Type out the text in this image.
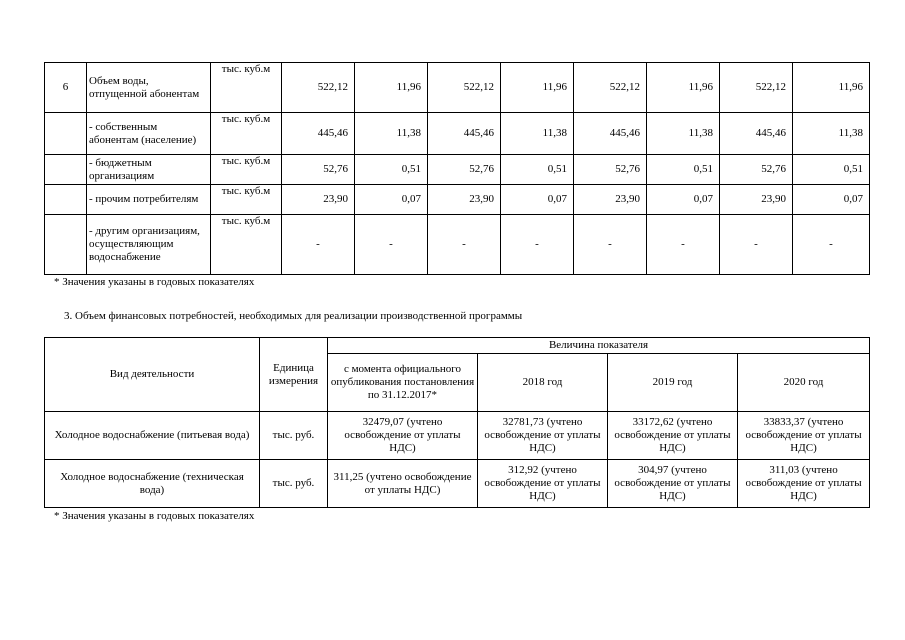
6	Объем воды, отпущенной абонентам	тыс. куб.м	522,12	11,96	522,12	11,96	522,12	11,96	522,12	11,96
	- собственным абонентам (население)	тыс. куб.м	445,46	11,38	445,46	11,38	445,46	11,38	445,46	11,38
	- бюджетным организациям	тыс. куб.м	52,76	0,51	52,76	0,51	52,76	0,51	52,76	0,51
	- прочим потребителям	тыс. куб.м	23,90	0,07	23,90	0,07	23,90	0,07	23,90	0,07
	- другим организациям, осуществляющим водоснабжение	тыс. куб.м	-	-	-	-	-	-	-	-
* Значения указаны в годовых показателях
3. Объем финансовых потребностей, необходимых для реализации производственной программы
Вид деятельности	Единица измерения	Величина показателя			
		с момента официального опубликования постановления по 31.12.2017*	2018 год	2019 год	2020 год
Холодное водоснабжение (питьевая вода)	тыс. руб.	32479,07 (учтено освобождение от уплаты НДС)	32781,73 (учтено освобождение от уплаты НДС)	33172,62 (учтено освобождение от уплаты НДС)	33833,37 (учтено освобождение от уплаты НДС)
Холодное водоснабжение (техническая вода)	тыс. руб.	311,25 (учтено освобождение от уплаты НДС)	312,92 (учтено освобождение от уплаты НДС)	304,97 (учтено освобождение от уплаты НДС)	311,03 (учтено освобождение от уплаты НДС)
* Значения указаны в годовых показателях
